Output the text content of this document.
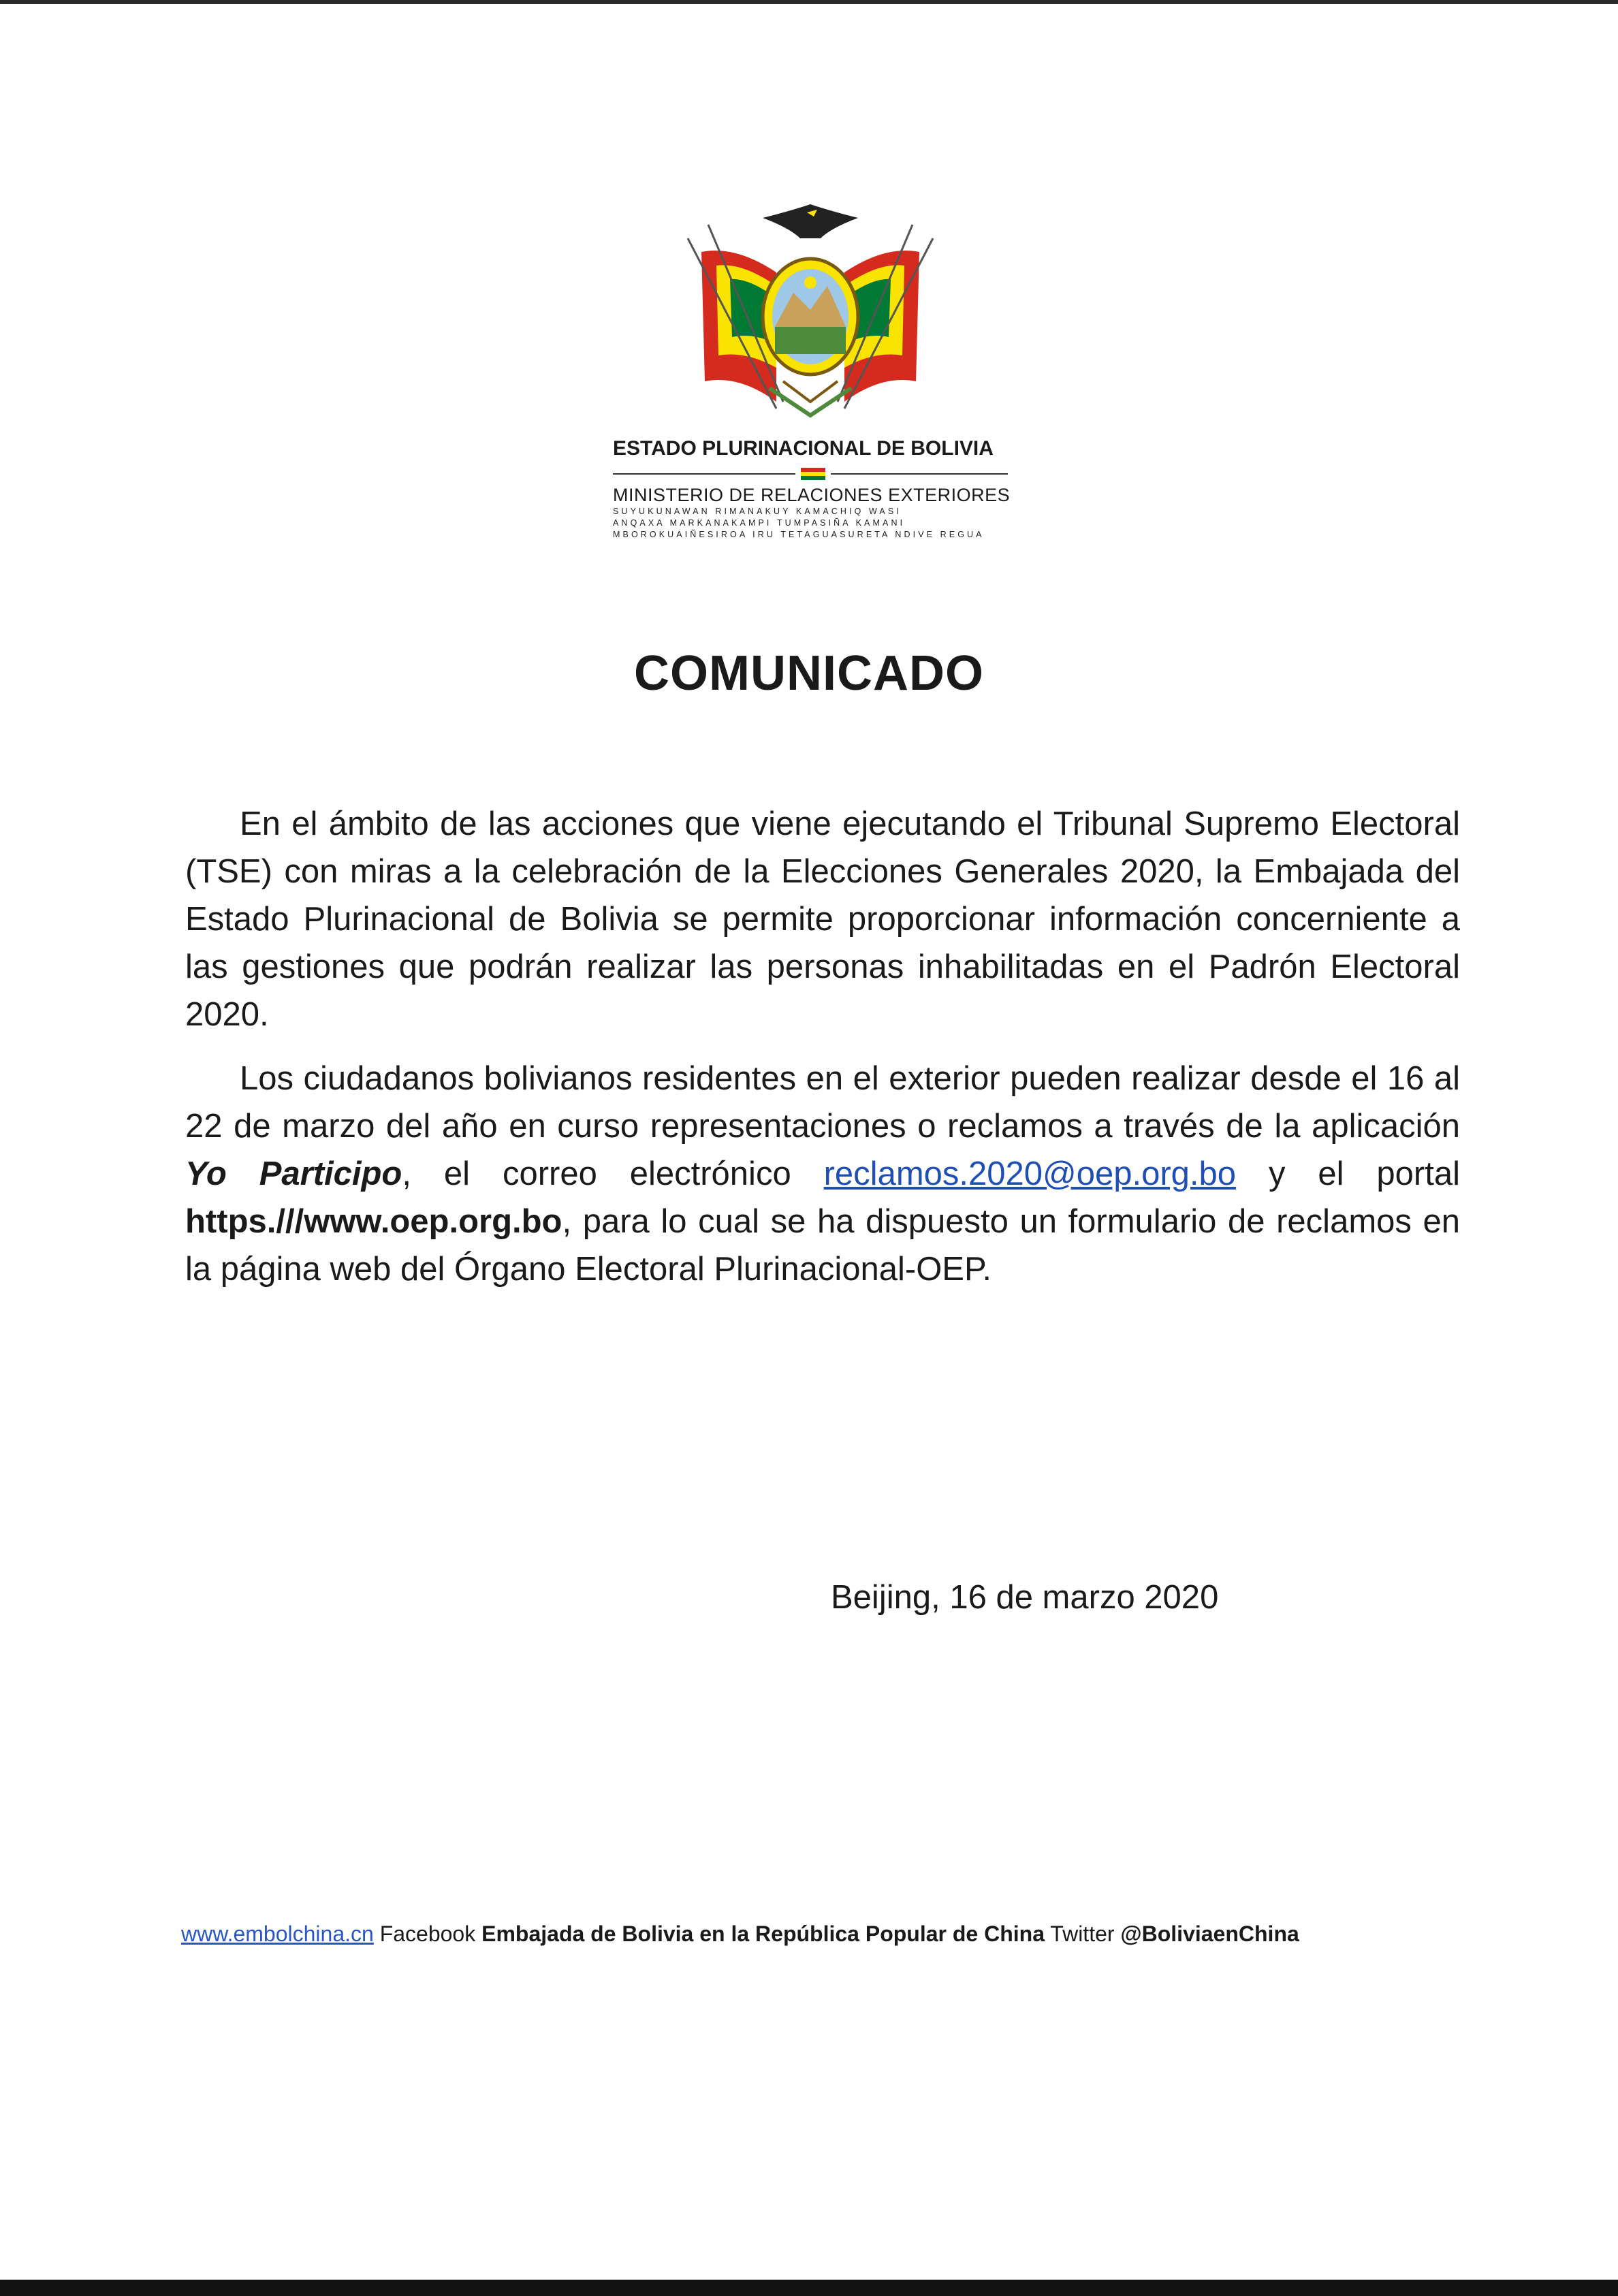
ESTADO PLURINACIONAL DE BOLIVIA
MINISTERIO DE RELACIONES EXTERIORES
SUYUKUNAWAN RIMANAKUY KAMACHIQ WASI
ANQAXA MARKANAKAMPI TUMPASIÑA KAMANI
MBOROKUAIÑESIROA IRU TETAGUASURETA NDIVE REGUA
COMUNICADO

En el ámbito de las acciones que viene ejecutando el Tribunal Supremo Electoral (TSE) con miras a la celebración de la Elecciones Generales 2020, la Embajada del Estado Plurinacional de Bolivia se permite proporcionar información concerniente a las gestiones que podrán realizar las personas inhabilitadas en el Padrón Electoral 2020.

Los ciudadanos bolivianos residentes en el exterior pueden realizar desde el 16 al 22 de marzo del año en curso representaciones o reclamos a través de la aplicación Yo Participo, el correo electrónico reclamos.2020@oep.org.bo y el portal https.///www.oep.org.bo, para lo cual se ha dispuesto un formulario de reclamos en la página web del Órgano Electoral Plurinacional-OEP.

Beijing, 16 de marzo 2020
www.embolchina.cn Facebook Embajada de Bolivia en la República Popular de China Twitter @BoliviaenChina
